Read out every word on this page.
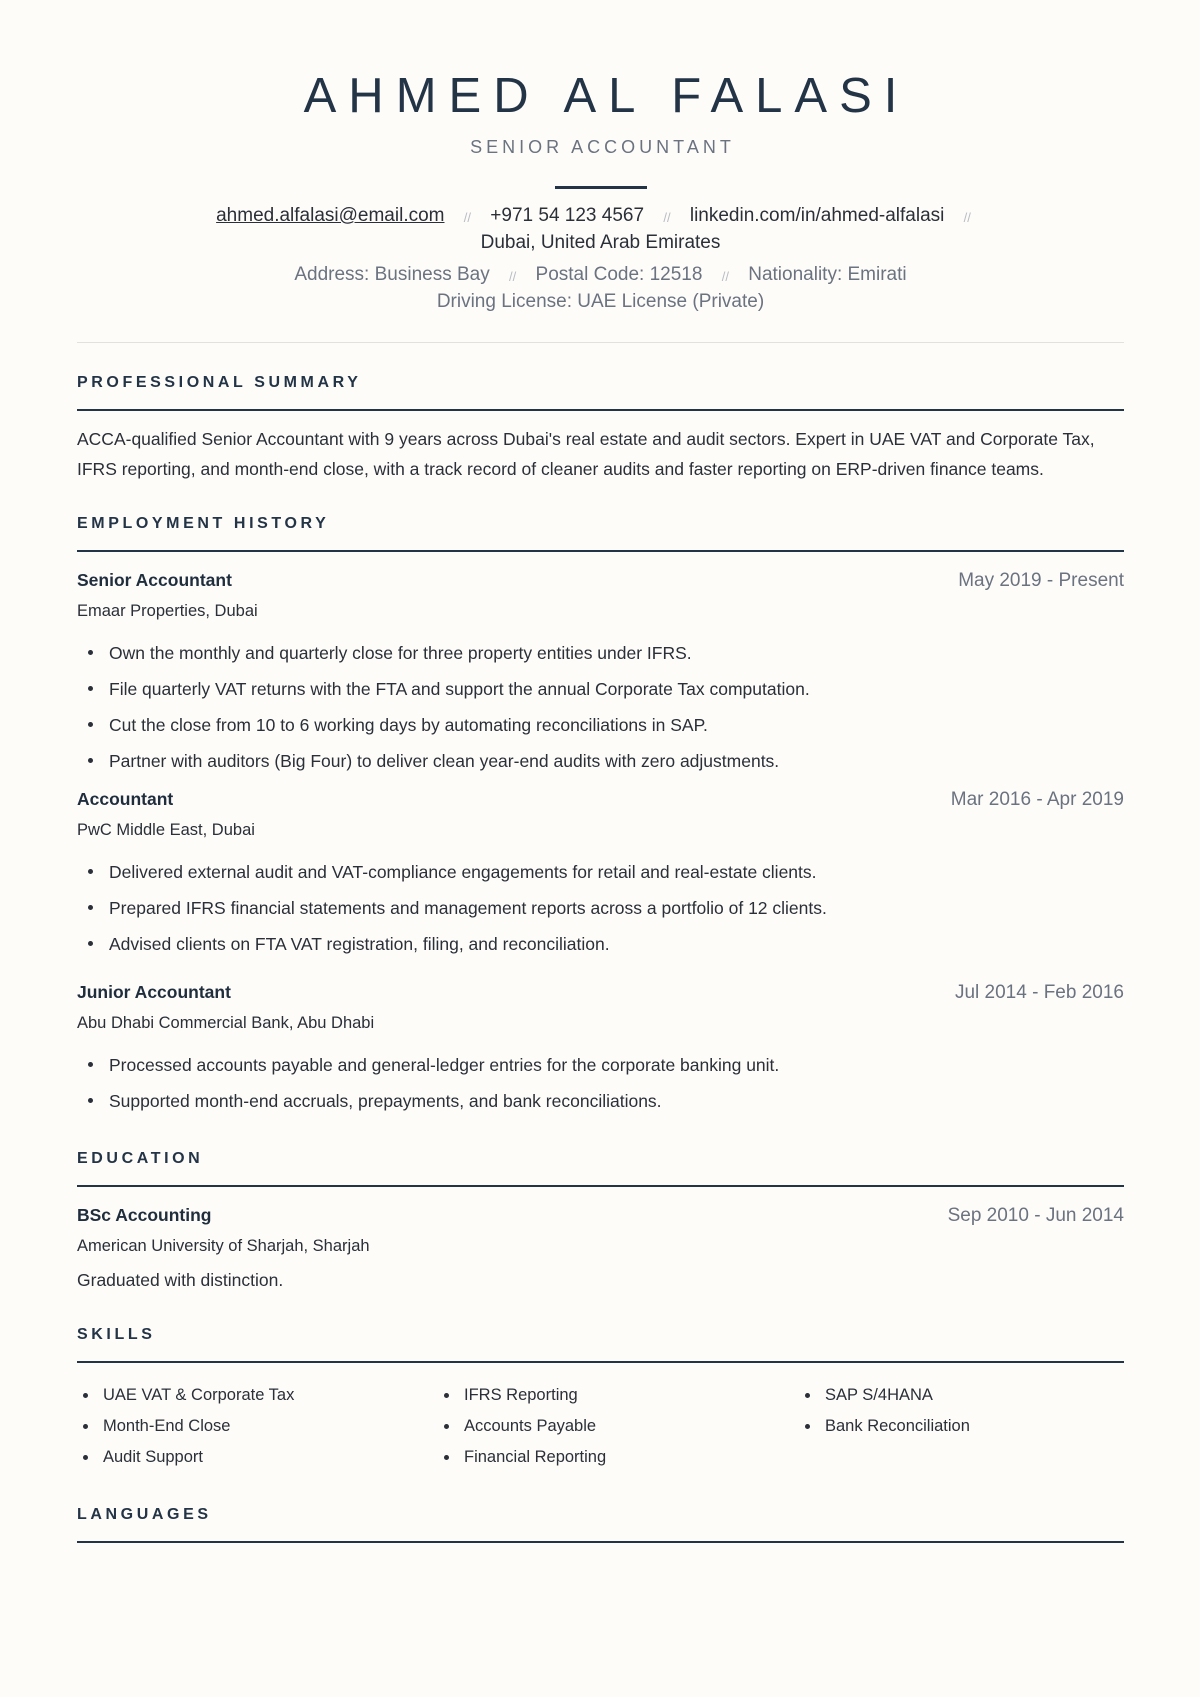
AHMED AL FALASI
SENIOR ACCOUNTANT
ahmed.alfalasi@email.com // +971 54 123 4567 // linkedin.com/in/ahmed-alfalasi //
Dubai, United Arab Emirates
Address: Business Bay // Postal Code: 12518 // Nationality: Emirati
Driving License: UAE License (Private)
PROFESSIONAL SUMMARY
ACCA-qualified Senior Accountant with 9 years across Dubai's real estate and audit sectors. Expert in UAE VAT and Corporate Tax, IFRS reporting, and month-end close, with a track record of cleaner audits and faster reporting on ERP-driven finance teams.
EMPLOYMENT HISTORY
Senior Accountant	May 2019 - Present
Emaar Properties, Dubai
Own the monthly and quarterly close for three property entities under IFRS.
File quarterly VAT returns with the FTA and support the annual Corporate Tax computation.
Cut the close from 10 to 6 working days by automating reconciliations in SAP.
Partner with auditors (Big Four) to deliver clean year-end audits with zero adjustments.
Accountant	Mar 2016 - Apr 2019
PwC Middle East, Dubai
Delivered external audit and VAT-compliance engagements for retail and real-estate clients.
Prepared IFRS financial statements and management reports across a portfolio of 12 clients.
Advised clients on FTA VAT registration, filing, and reconciliation.
Junior Accountant	Jul 2014 - Feb 2016
Abu Dhabi Commercial Bank, Abu Dhabi
Processed accounts payable and general-ledger entries for the corporate banking unit.
Supported month-end accruals, prepayments, and bank reconciliations.
EDUCATION
BSc Accounting	Sep 2010 - Jun 2014
American University of Sharjah, Sharjah
Graduated with distinction.
SKILLS
UAE VAT & Corporate Tax
Month-End Close
Audit Support
IFRS Reporting
Accounts Payable
Financial Reporting
SAP S/4HANA
Bank Reconciliation
LANGUAGES
